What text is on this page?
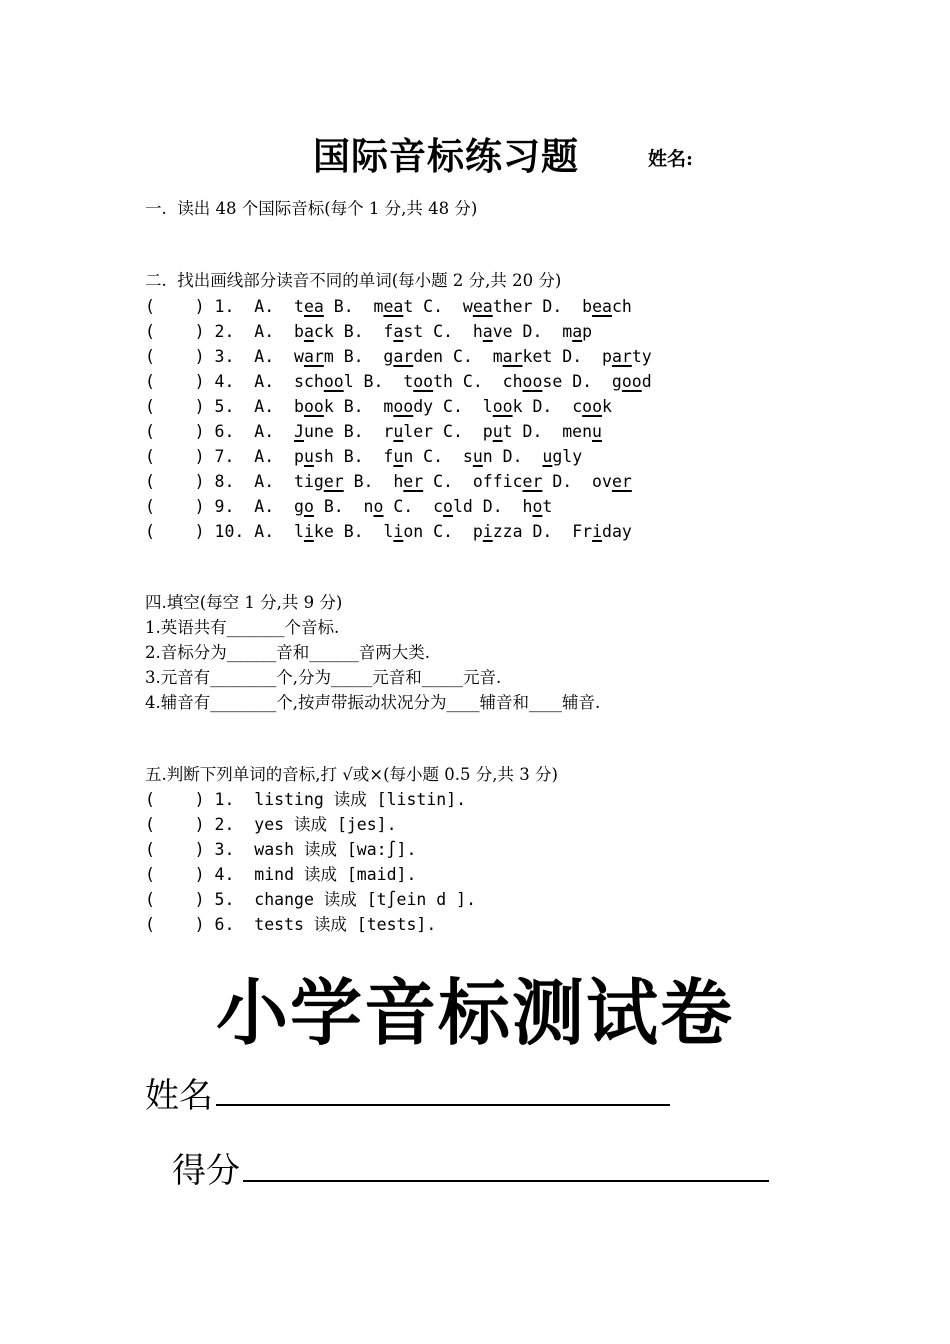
国际音标练习题

	姓名:

一.  读出 48 个国际音标(每个 1 分,共 48 分)
二.  找出画线部分读音不同的单词(每小题 2 分,共 20 分)
(    ) 1.  A.  tea B.  meat C.  weather D.  beach
(    ) 2.  A.  back B.  fast C.  have D.  map
(    ) 3.  A.  warm B.  garden C.  market D.  party
(    ) 4.  A.  school B.  tooth C.  choose D.  good
(    ) 5.  A.  book B.  moody C.  look D.  cook
(    ) 6.  A.  June B.  ruler C.  put D.  menu
(    ) 7.  A.  push B.  fun C.  sun D.  ugly
(    ) 8.  A.  tiger B.  her C.  officer D.  over
(    ) 9.  A.  go B.  no C.  cold D.  hot
(    ) 10. A.  like B.  lion C.  pizza D.  Friday
四.填空(每空 1 分,共 9 分)
1.英语共有_______个音标.
2.音标分为______音和______音两大类.
3.元音有________个,分为_____元音和_____元音.
4.辅音有________个,按声带振动状况分为____辅音和____辅音.
五.判断下列单词的音标,打 √或×(每小题 0.5 分,共 3 分)
(    ) 1.  listing 读成 [listin].
(    ) 2.  yes 读成 [jes].
(    ) 3.  wash 读成 [wa:∫].
(    ) 4.  mind 读成 [maid].
(    ) 5.  change 读成 [t∫ein d ].
(    ) 6.  tests 读成 [tests].
小学音标测试卷
姓名
得分
